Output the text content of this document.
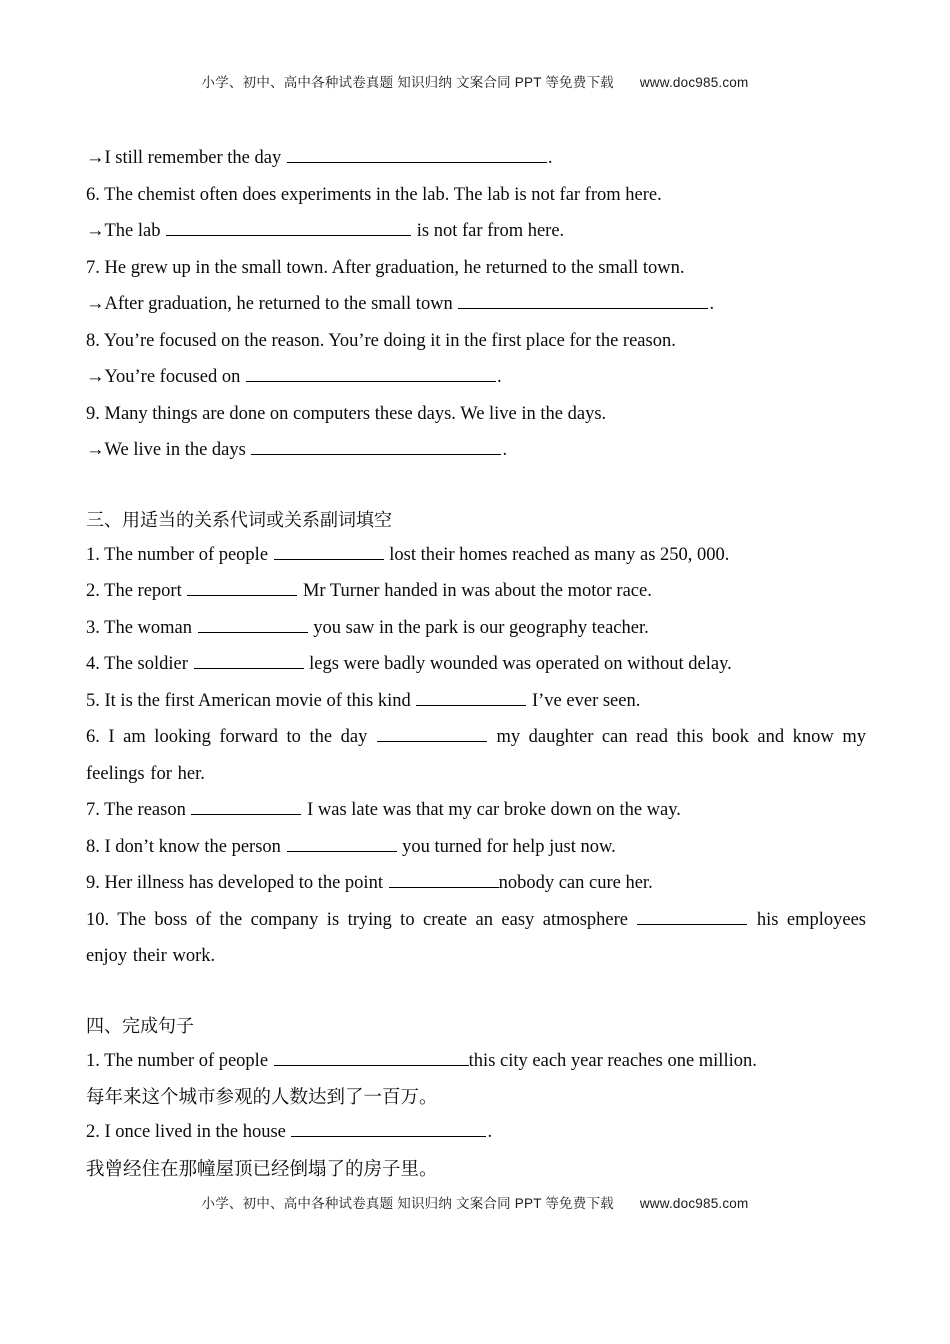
小学、初中、高中各种试卷真题 知识归纳 文案合同 PPT 等免费下载 www.doc985.com
→I still remember the day	.
6. The chemist often does experiments in the lab. The lab is not far from here.
→The lab	is not far from here.
7. He grew up in the small town. After graduation, he returned to the small town.
→After graduation, he returned to the small town	.
8. You’re focused on the reason. You’re doing it in the first place for the reason.
→You’re focused on	.
9. Many things are done on computers these days. We live in the days.
→We live in the days	.
三、用适当的关系代词或关系副词填空
1. The number of people	lost their homes reached as many as 250, 000.
2. The report	Mr Turner handed in was about the motor race.
3. The woman	you saw in the park is our geography teacher.
4. The soldier	legs were badly wounded was operated on without delay.
5. It is the first American movie of this kind	I’ve ever seen.
6. I am looking forward to the day	my daughter can read this book and know my feelings for her.
7. The reason	I was late was that my car broke down on the way.
8. I don’t know the person	you turned for help just now.
9. Her illness has developed to the point	nobody can cure her.
10. The boss of the company is trying to create an easy atmosphere	his employees enjoy their work.
四、完成句子
1. The number of people	this city each year reaches one million.
每年来这个城市参观的人数达到了一百万。
2. I once lived in the house	.
我曾经住在那幢屋顶已经倒塌了的房子里。
小学、初中、高中各种试卷真题 知识归纳 文案合同 PPT 等免费下载 www.doc985.com
